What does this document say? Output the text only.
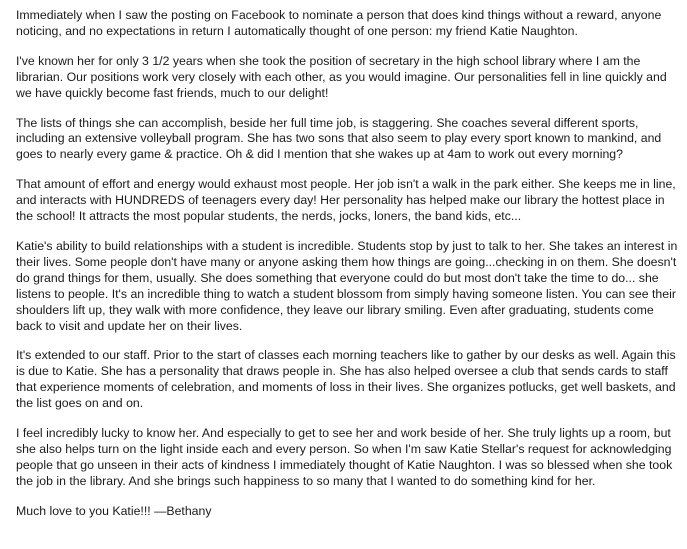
Immediately when I saw the posting on Facebook to nominate a person that does kind things without a reward, anyone noticing, and no expectations in return I automatically thought of one person: my friend Katie Naughton.

I've known her for only 3 1/2 years when she took the position of secretary in the high school library where I am the librarian. Our positions work very closely with each other, as you would imagine. Our personalities fell in line quickly and we have quickly become fast friends, much to our delight!

The lists of things she can accomplish, beside her full time job, is staggering. She coaches several different sports, including an extensive volleyball program. She has two sons that also seem to play every sport known to mankind, and goes to nearly every game & practice. Oh & did I mention that she wakes up at 4am to work out every morning?

That amount of effort and energy would exhaust most people. Her job isn't a walk in the park either. She keeps me in line, and interacts with HUNDREDS of teenagers every day! Her personality has helped make our library the hottest place in the school! It attracts the most popular students, the nerds, jocks, loners, the band kids, etc...

Katie's ability to build relationships with a student is incredible. Students stop by just to talk to her. She takes an interest in their lives. Some people don't have many or anyone asking them how things are going...checking in on them. She doesn't do grand things for them, usually. She does something that everyone could do but most don't take the time to do... she listens to people. It's an incredible thing to watch a student blossom from simply having someone listen. You can see their shoulders lift up, they walk with more confidence, they leave our library smiling. Even after graduating, students come back to visit and update her on their lives.

It's extended to our staff. Prior to the start of classes each morning teachers like to gather by our desks as well. Again this is due to Katie. She has a personality that draws people in. She has also helped oversee a club that sends cards to staff that experience moments of celebration, and moments of loss in their lives. She organizes potlucks, get well baskets, and the list goes on and on.

I feel incredibly lucky to know her. And especially to get to see her and work beside of her. She truly lights up a room, but she also helps turn on the light inside each and every person. So when I'm saw Katie Stellar's request for acknowledging people that go unseen in their acts of kindness I immediately thought of Katie Naughton. I was so blessed when she took the job in the library. And she brings such happiness to so many that I wanted to do something kind for her.

Much love to you Katie!!! —Bethany
